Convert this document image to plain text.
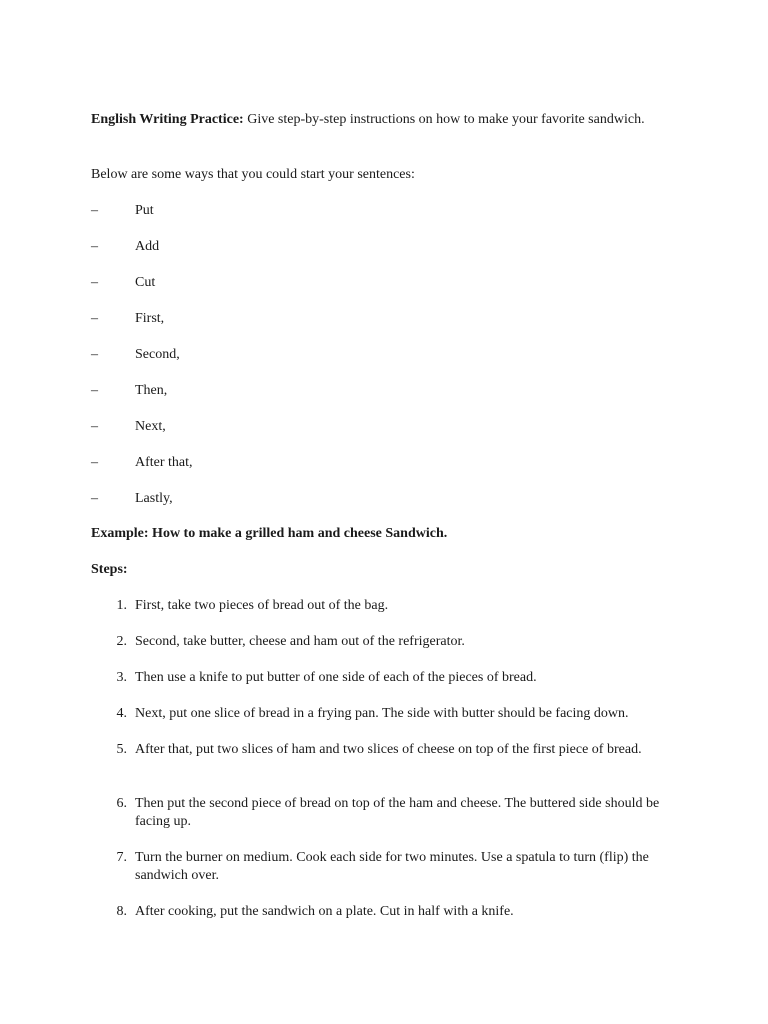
English Writing Practice: Give step-by-step instructions on how to make your favorite sandwich.

Below are some ways that you could start your sentences:

–	Put
–	Add
–	Cut
–	First,
–	Second,
–	Then,
–	Next,
–	After that,
–	Lastly,

Example: How to make a grilled ham and cheese Sandwich.

Steps:

1. First, take two pieces of bread out of the bag.
2. Second, take butter, cheese and ham out of the refrigerator.
3. Then use a knife to put butter of one side of each of the pieces of bread.
4. Next, put one slice of bread in a frying pan. The side with butter should be facing down.
5. After that, put two slices of ham and two slices of cheese on top of the first piece of bread.
6. Then put the second piece of bread on top of the ham and cheese. The buttered side should be facing up.
7. Turn the burner on medium. Cook each side for two minutes. Use a spatula to turn (flip) the sandwich over.
8. After cooking, put the sandwich on a plate. Cut in half with a knife.
